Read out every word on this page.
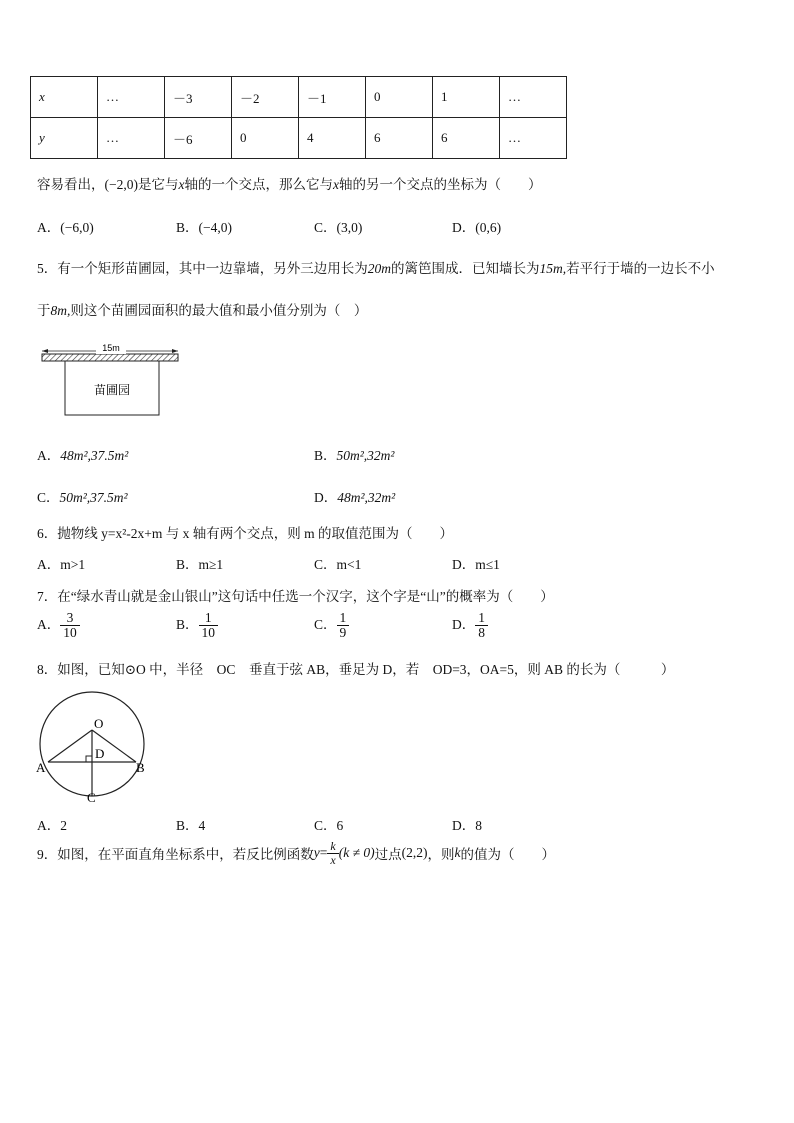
x	…	－3	－2	－1	0	1	…
y	…	－6	0	4	6	6	…
容易看出，(−2,0)是它与x轴的一个交点，那么它与x轴的另一个交点的坐标为（　　）
A．(−6,0)	B．(−4,0)	C．(3,0)	D．(0,6)
5．有一个矩形苗圃园，其中一边靠墙，另外三边用长为20m的篱笆围成．已知墙长为15m,若平行于墙的一边长不小
于8m,则这个苗圃园面积的最大值和最小值分别为（　）
15m
苗圃园
A．48m²,37.5m²	B．50m²,32m²
C．50m²,37.5m²	D．48m²,32m²
6．抛物线 y=x²-2x+m 与 x 轴有两个交点，则 m 的取值范围为（　　）
A．m>1	B．m≥1	C．m<1	D．m≤1
7．在“绿水青山就是金山银山”这句话中任选一个汉字，这个字是“山”的概率为（　　）
A． $\frac{3}{10}$	B． $\frac{1}{10}$	C． $\frac{1}{9}$	D． $\frac{1}{8}$
8．如图，已知⊙O 中，半径　OC　垂直于弦 AB，垂足为 D，若　OD=3，OA=5，则 AB 的长为（　　　）
O
D
A	B
C
A．2	B．4	C．6	D．8
9．如图，在平面直角坐标系中，若反比例函数 $y = \frac{k}{x} (k \ne 0)$ 过点 (2,2) ，则 k 的值为（　　）
